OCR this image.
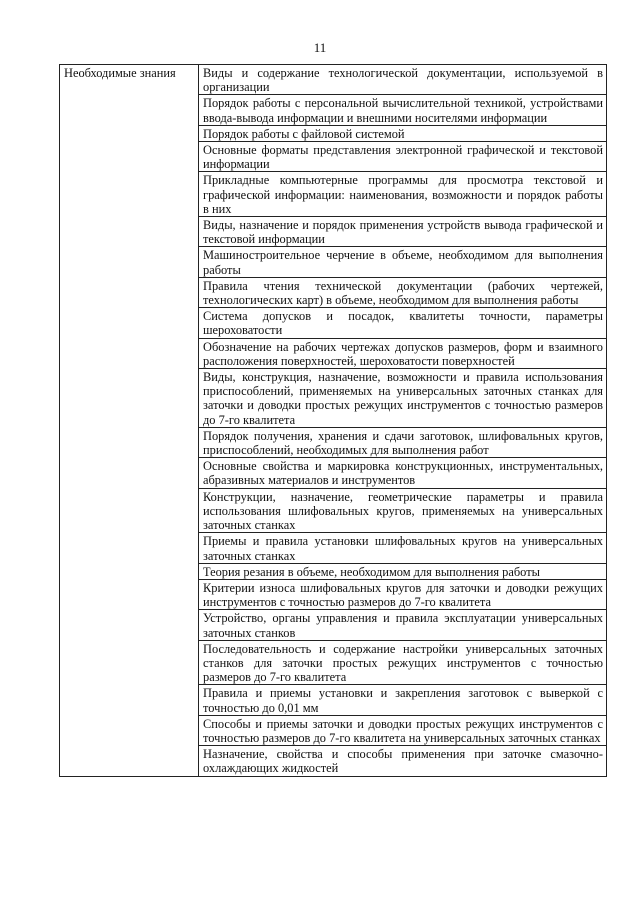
11
Необходимые знания	Виды и содержание технологической документации, используемой в организации
Порядок работы с персональной вычислительной техникой, устройствами ввода-вывода информации и внешними носителями информации
Порядок работы с файловой системой
Основные форматы представления электронной графической и текстовой информации
Прикладные компьютерные программы для просмотра текстовой и графической информации: наименования, возможности и порядок работы в них
Виды, назначение и порядок применения устройств вывода графической и текстовой информации
Машиностроительное черчение в объеме, необходимом для выполнения работы
Правила чтения технической документации (рабочих чертежей, технологических карт) в объеме, необходимом для выполнения работы
Система допусков и посадок, квалитеты точности, параметры шероховатости
Обозначение на рабочих чертежах допусков размеров, форм и взаимного расположения поверхностей, шероховатости поверхностей
Виды, конструкция, назначение, возможности и правила использования приспособлений, применяемых на универсальных заточных станках для заточки и доводки простых режущих инструментов с точностью размеров до 7-го квалитета
Порядок получения, хранения и сдачи заготовок, шлифовальных кругов, приспособлений, необходимых для выполнения работ
Основные свойства и маркировка конструкционных, инструментальных, абразивных материалов и инструментов
Конструкции, назначение, геометрические параметры и правила использования шлифовальных кругов, применяемых на универсальных заточных станках
Приемы и правила установки шлифовальных кругов на универсальных заточных станках
Теория резания в объеме, необходимом для выполнения работы
Критерии износа шлифовальных кругов для заточки и доводки режущих инструментов с точностью размеров до 7-го квалитета
Устройство, органы управления и правила эксплуатации универсальных заточных станков
Последовательность и содержание настройки универсальных заточных станков для заточки простых режущих инструментов с точностью размеров до 7-го квалитета
Правила и приемы установки и закрепления заготовок с выверкой с точностью до 0,01 мм
Способы и приемы заточки и доводки простых режущих инструментов с точностью размеров до 7-го квалитета на универсальных заточных станках
Назначение, свойства и способы применения при заточке смазочно-охлаждающих жидкостей
